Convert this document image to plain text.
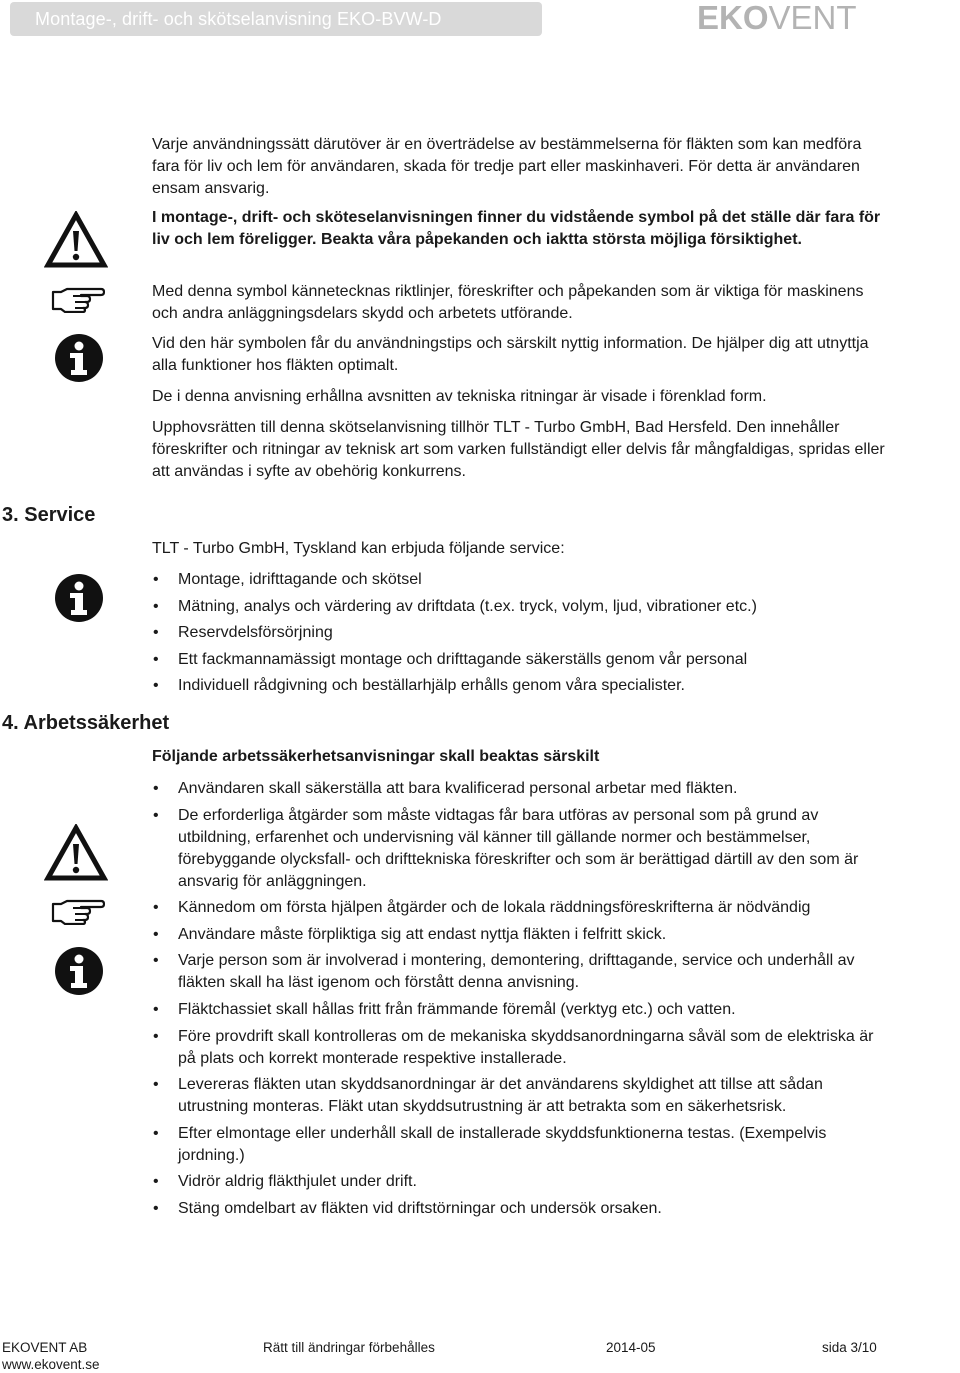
Montage-, drift- och skötselanvisning EKO-BVW-D	EKOVENT

Varje användningssätt därutöver är en överträdelse av bestämmelserna för fläkten som kan medföra fara för liv och lem för användaren, skada för tredje part eller maskinhaveri. För detta är användaren ensam ansvarig.

I montage-, drift- och sköteselanvisningen finner du vidstående symbol på det ställe där fara för liv och lem föreligger. Beakta våra påpekanden och iaktta största möjliga försiktighet.

Med denna symbol kännetecknas riktlinjer, föreskrifter och påpekanden som är viktiga för maskinens och andra anläggningsdelars skydd och arbetets utförande.

Vid den här symbolen får du användningstips och särskilt nyttig information. De hjälper dig att utnyttja alla funktioner hos fläkten optimalt.

De i denna anvisning erhållna avsnitten av tekniska ritningar är visade i förenklad form.

Upphovsrätten till denna skötselanvisning tillhör TLT - Turbo GmbH, Bad Hersfeld. Den innehåller föreskrifter och ritningar av teknisk art som varken fullständigt eller delvis får mångfaldigas, spridas eller att användas i syfte av obehörig konkurrens.

3. Service

TLT - Turbo GmbH, Tyskland kan erbjuda följande service:

• Montage, idrifttagande och skötsel
• Mätning, analys och värdering av driftdata (t.ex. tryck, volym, ljud, vibrationer etc.)
• Reservdelsförsörjning
• Ett fackmannamässigt montage och drifttagande säkerställs genom vår personal
• Individuell rådgivning och beställarhjälp erhålls genom våra specialister.
4. Arbetssäkerhet

Följande arbetssäkerhetsanvisningar skall beaktas särskilt

• Användaren skall säkerställa att bara kvalificerad personal arbetar med fläkten.
• De erforderliga åtgärder som måste vidtagas får bara utföras av personal som på grund av utbildning, erfarenhet och undervisning väl känner till gällande normer och bestämmelser, förebyggande olycksfall- och drifttekniska föreskrifter och som är berättigad därtill av den som är ansvarig för anläggningen.
• Kännedom om första hjälpen åtgärder och de lokala räddningsföreskrifterna är nödvändig
• Användare måste förpliktiga sig att endast nyttja fläkten i felfritt skick.
• Varje person som är involverad i montering, demontering, drifttagande, service och underhåll av fläkten skall ha läst igenom och förstått denna anvisning.
• Fläktchassiet skall hållas fritt från främmande föremål (verktyg etc.) och vatten.
• Före provdrift skall kontrolleras om de mekaniska skyddsanordningarna såväl som de elektriska är på plats och korrekt monterade respektive installerade.
• Levereras fläkten utan skyddsanordningar är det användarens skyldighet att tillse att sådan utrustning monteras. Fläkt utan skyddsutrustning är att betrakta som en säkerhetsrisk.
• Efter elmontage eller underhåll skall de installerade skyddsfunktionerna testas. (Exempelvis jordning.)
• Vidrör aldrig fläkthjulet under drift.
• Stäng omdelbart av fläkten vid driftstörningar och undersök orsaken.
EKOVENT AB
www.ekovent.se
Rätt till ändringar förbehålles	2014-05	sida 3/10
